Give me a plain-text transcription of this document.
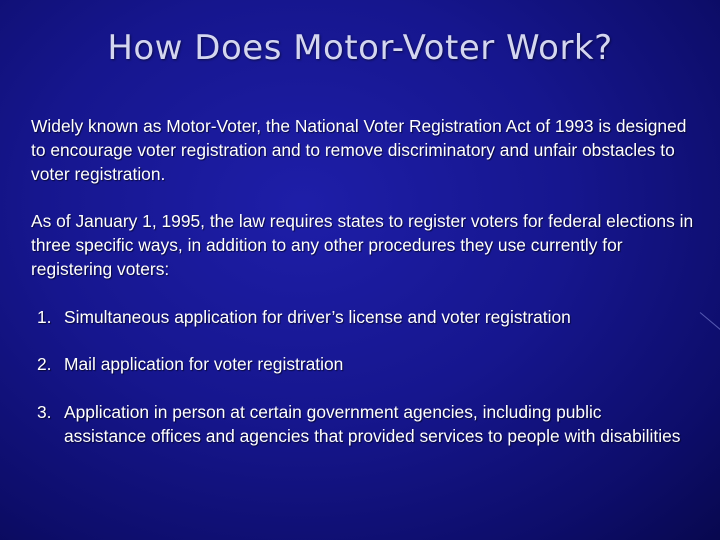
How Does Motor-Voter Work?
Widely known as Motor-Voter, the National Voter Registration Act of 1993 is designed to encourage voter registration and to remove discriminatory and unfair obstacles to voter registration.
As of January 1, 1995, the law requires states to register voters for federal elections in three specific ways, in addition to any other procedures they use currently for registering voters:
1. Simultaneous application for driver’s license and voter registration
2. Mail application for voter registration
3. Application in person at certain government agencies, including public assistance offices and agencies that provided services to people with disabilities
